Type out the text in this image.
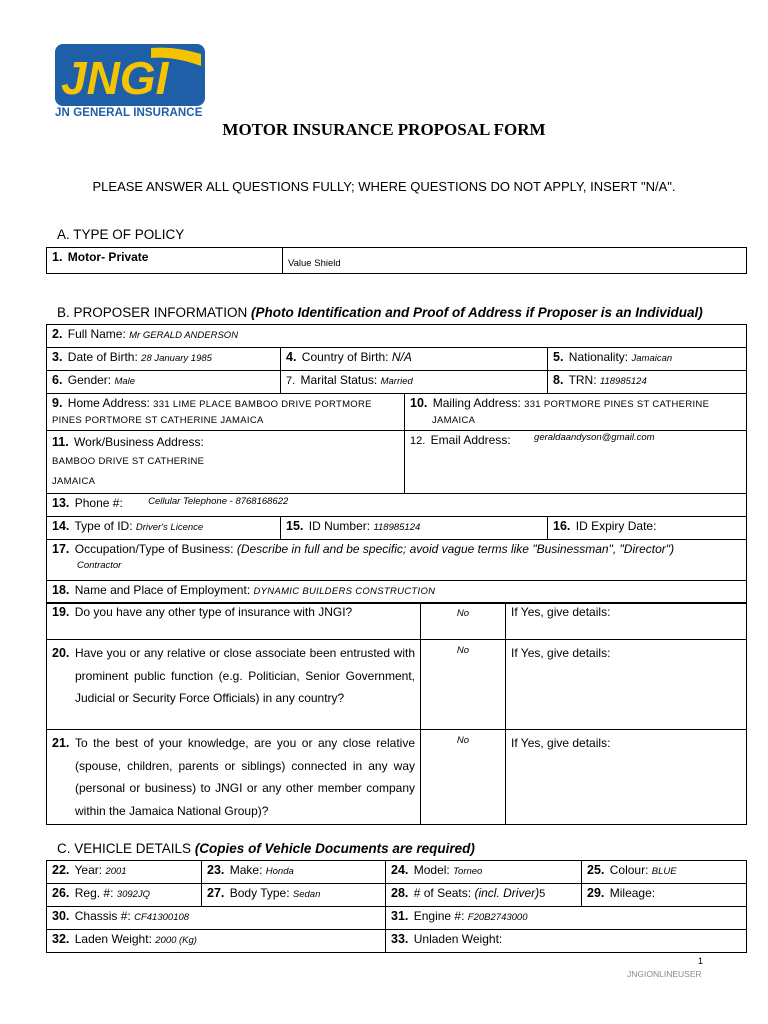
JNGI
JN GENERAL INSURANCE
MOTOR INSURANCE PROPOSAL FORM
PLEASE ANSWER ALL QUESTIONS FULLY; WHERE QUESTIONS DO NOT APPLY, INSERT "N/A".
A. TYPE OF POLICY
1. Motor- Private	Value Shield
B. PROPOSER INFORMATION (Photo Identification and Proof of Address if Proposer is an Individual)
2. Full Name: Mr GERALD ANDERSON			
3. Date of Birth: 28 January 1985	4. Country of Birth: N/A		5. Nationality: Jamaican
6. Gender: Male	7. Marital Status: Married		8. TRN: 118985124
9. Home Address: 331 LIME PLACE BAMBOO DRIVE PORTMORE
PINES PORTMORE ST CATHERINE JAMAICA		10. Mailing Address: 331 PORTMORE PINES ST CATHERINE
JAMAICA	
11. Work/Business Address:
BAMBOO DRIVE ST CATHERINE
JAMAICA		12. Email Address: $^{geraldaandyson@gmail.com}$
13. Phone #: $^{Cellular Telephone - 8768168622}$
14. Type of ID: Driver's Licence	15. ID Number: 118985124		16. ID Expiry Date:
17. Occupation/Type of Business: (Describe in full and be specific; avoid vague terms like "Businessman", "Director")
Contractor			
18. Name and Place of Employment: DYNAMIC BUILDERS CONSTRUCTION			
19. Do you have any other type of insurance with JNGI?	No	If Yes, give details:

20. Have you or any relative or close associate been entrusted with prominent public function (e.g. Politician, Senior Government, Judicial or Security Force Officials) in any country?	No	If Yes, give details:

21. To the best of your knowledge, are you or any close relative (spouse, children, parents or siblings) connected in any way (personal or business) to JNGI or any other member company within the Jamaica National Group)?	No	If Yes, give details:
C. VEHICLE DETAILS (Copies of Vehicle Documents are required)
22. Year: 2001	23. Make: Honda	24. Model: Torneo	25. Colour: BLUE
26. Reg. #: 3092JQ	27. Body Type: Sedan	28. # of Seats: (incl. Driver)5	29. Mileage:
30. Chassis #: CF41300108		31. Engine #: F20B2743000	
32. Laden Weight: 2000 (Kg)		33. Unladen Weight:	
1
JNGIONLINEUSER
